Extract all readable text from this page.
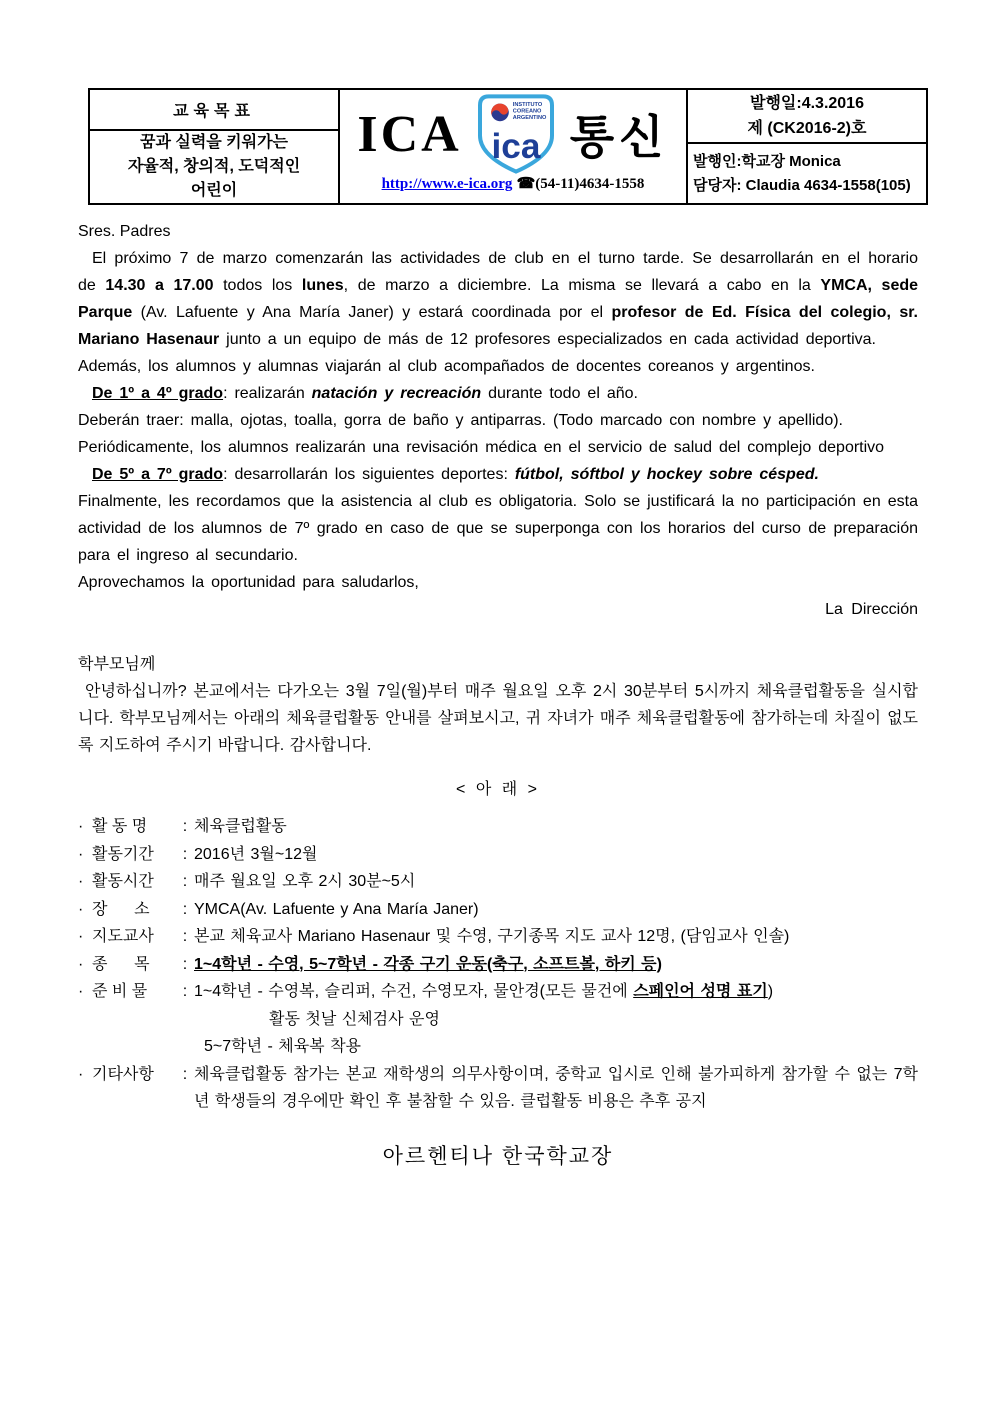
교육목표
꿈과 실력을 키워가는
자율적, 창의적, 도덕적인
어린이
ICA
INSTITUTO
COREANO
ARGENTINO
ica 통신
http://www.e-ica.org ☎(54-11)4634-1558
발행일:4.3.2016
제 (CK2016-2)호
발행인:학교장 Monica
담당자: Claudia 4634-1558(105)

Sres. Padres

El próximo 7 de marzo comenzarán las actividades de club en el turno tarde. Se desarrollarán en el horario de 14.30 a 17.00 todos los lunes, de marzo a diciembre. La misma se llevará a cabo en la YMCA, sede Parque (Av. Lafuente y Ana María Janer) y estará coordinada por el profesor de Ed. Física del colegio, sr. Mariano Hasenaur junto a un equipo de más de 12 profesores especializados en cada actividad deportiva.

Además, los alumnos y alumnas viajarán al club acompañados de docentes coreanos y argentinos.

De 1º a 4º grado: realizarán natación y recreación durante todo el año.

Deberán traer: malla, ojotas, toalla, gorra de baño y antiparras. (Todo marcado con nombre y apellido).

Periódicamente, los alumnos realizarán una revisación médica en el servicio de salud del complejo deportivo

De 5º a 7º grado: desarrollarán los siguientes deportes: fútbol, sóftbol y hockey sobre césped.

Finalmente, les recordamos que la asistencia al club es obligatoria. Solo se justificará la no participación en esta actividad de los alumnos de 7º grado en caso de que se superponga con los horarios del curso de preparación para el ingreso al secundario.

Aprovechamos la oportunidad para saludarlos,

La Dirección

학부모님께

안녕하십니까? 본교에서는 다가오는 3월 7일(월)부터 매주 월요일 오후 2시 30분부터 5시까지 체육클럽활동을 실시합니다. 학부모님께서는 아래의 체육클럽활동 안내를 살펴보시고, 귀 자녀가 매주 체육클럽활동에 참가하는데 차질이 없도록 지도하여 주시기 바랍니다. 감사합니다.

< 아 래 >

· 활 동 명	: 체육클럽활동
· 활동기간	: 2016년 3월~12월
· 활동시간	: 매주 월요일 오후 2시 30분~5시
· 장      소	: YMCA(Av. Lafuente y Ana María Janer)
· 지도교사	: 본교 체육교사 Mariano Hasenaur 및 수영, 구기종목 지도 교사 12명, (담임교사 인솔)
· 종      목	: 1~4학년 - 수영, 5~7학년 - 각종 구기 운동(축구, 소프트볼, 하키 등)
· 준 비 물	: 1~4학년 - 수영복, 슬리퍼, 수건, 수영모자, 물안경(모든 물건에 스페인어 성명 표기)
활동 첫날 신체검사 운영
5~7학년 - 체육복 착용
· 기타사항	: 체육클럽활동 참가는 본교 재학생의 의무사항이며, 중학교 입시로 인해 불가피하게 참가할 수 없는 7학년 학생들의 경우에만 확인 후 불참할 수 있음. 클럽활동 비용은 추후 공지

아르헨티나 한국학교장
